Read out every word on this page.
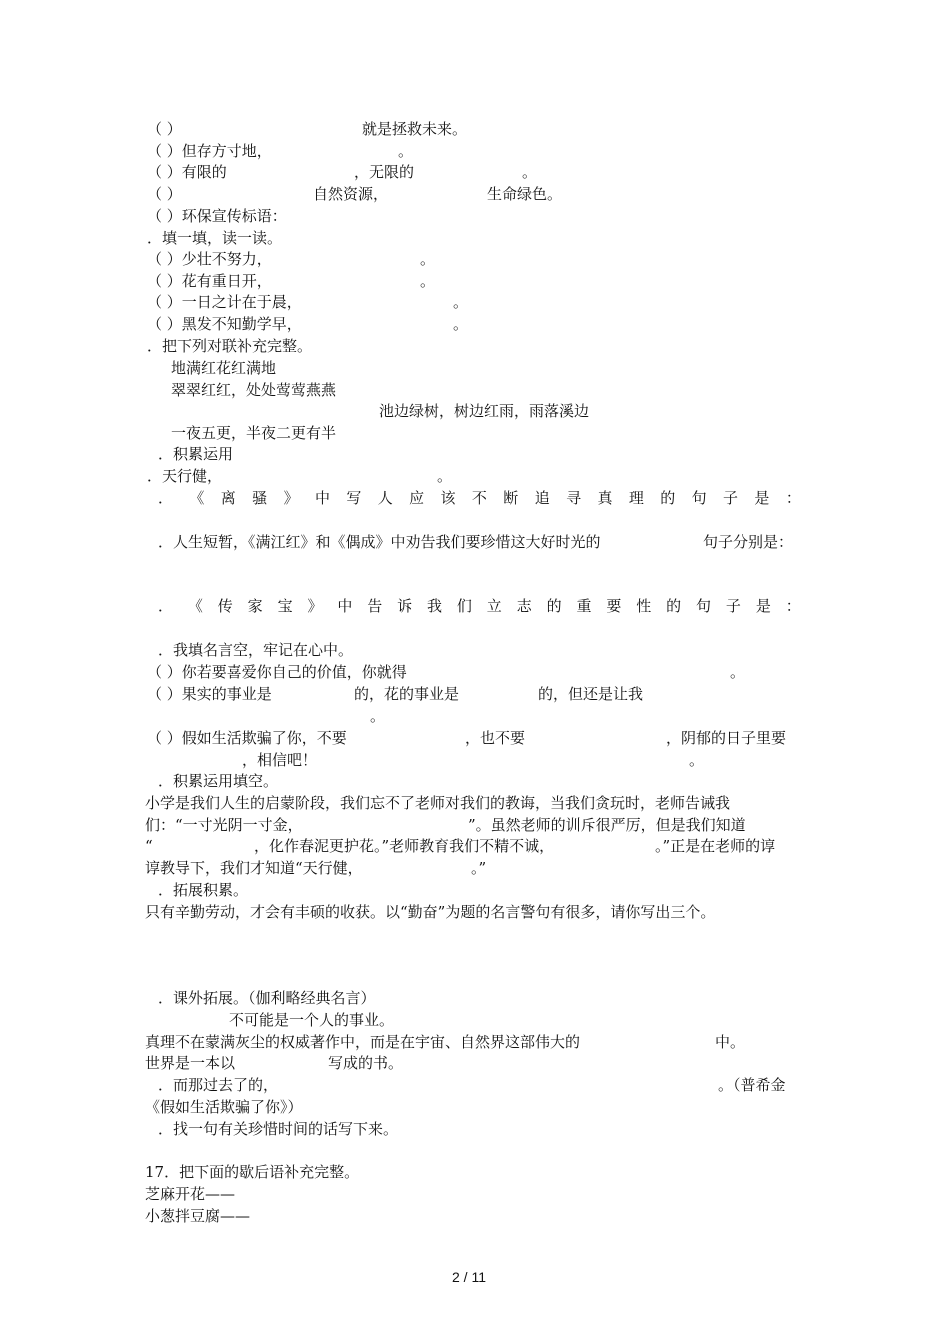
（ ）	就是拯救未来。
（ ）但存方寸地，	。
（ ）有限的	，无限的	。
（ ）	自然资源，	生命绿色。
（ ）环保宣传标语：
．填一填，读一读。
（ ）少壮不努力，	。
（ ）花有重日开，	。
（ ）一日之计在于晨，	。
（ ）黑发不知勤学早，	。
．把下列对联补充完整。
地满红花红满地
翠翠红红，处处莺莺燕燕
池边绿树，树边红雨，雨落溪边
一夜五更，半夜二更有半
．积累运用
．天行健，	。
． 《 离 骚 》 中 写 人 应 该 不 断 追 寻 真 理 的 句 子 是 ：
．人生短暂，《满江红》和《偶成》中劝告我们要珍惜这大好时光的	句子分别是：
． 《 传 家 宝 》 中 告 诉 我 们 立 志 的 重 要 性 的 句 子 是 ：
．我填名言空，牢记在心中。
（ ）你若要喜爱你自己的价值，你就得	。
（ ）果实的事业是	的，花的事业是	的，但还是让我
。
（ ）假如生活欺骗了你，不要	，也不要	，阴郁的日子里要
，相信吧！	。
．积累运用填空。
小学是我们人生的启蒙阶段，我们忘不了老师对我们的教诲，当我们贪玩时，老师告诫我
们：“一寸光阴一寸金，	”。虽然老师的训斥很严厉，但是我们知道
“	，化作春泥更护花。”老师教育我们不精不诚，	。”正是在老师的谆
谆教导下，我们才知道“天行健，	。”
．拓展积累。
只有辛勤劳动，才会有丰硕的收获。以“勤奋”为题的名言警句有很多，请你写出三个。
．课外拓展。（伽利略经典名言）
不可能是一个人的事业。
真理不在蒙满灰尘的权威著作中，而是在宇宙、自然界这部伟大的	中。
世界是一本以	写成的书。
．而那过去了的，	。（普希金
《假如生活欺骗了你》）
．找一句有关珍惜时间的话写下来。
17．把下面的歇后语补充完整。
芝麻开花——
小葱拌豆腐——
2 / 11
